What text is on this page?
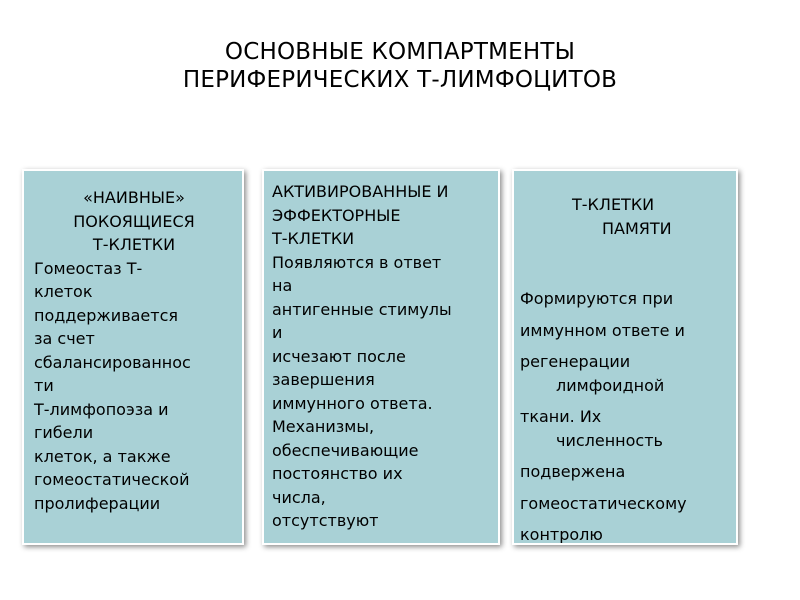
ОСНОВНЫЕ КОМПАРТМЕНТЫ
ПЕРИФЕРИЧЕСКИХ Т-ЛИМФОЦИТОВ
«НАИВНЫЕ»
ПОКОЯЩИЕСЯ
Т-КЛЕТКИ
Гомеостаз Т-
клеток
поддерживается
за счет
сбалансированнос
ти
Т-лимфопоэза и
гибели
клеток, а также
гомеостатической
пролиферации
АКТИВИРОВАННЫЕ И
ЭФФЕКТОРНЫЕ
Т-КЛЕТКИ
Появляются в ответ
на
антигенные стимулы
и
исчезают после
завершения
иммунного ответа.
Механизмы,
обеспечивающие
постоянство их
числа,
отсутствуют
Т-КЛЕТКИ
ПАМЯТИ
Формируются при
иммунном ответе и
регенерации
лимфоидной
ткани. Их
численность
подвержена
гомеостатическому
контролю
